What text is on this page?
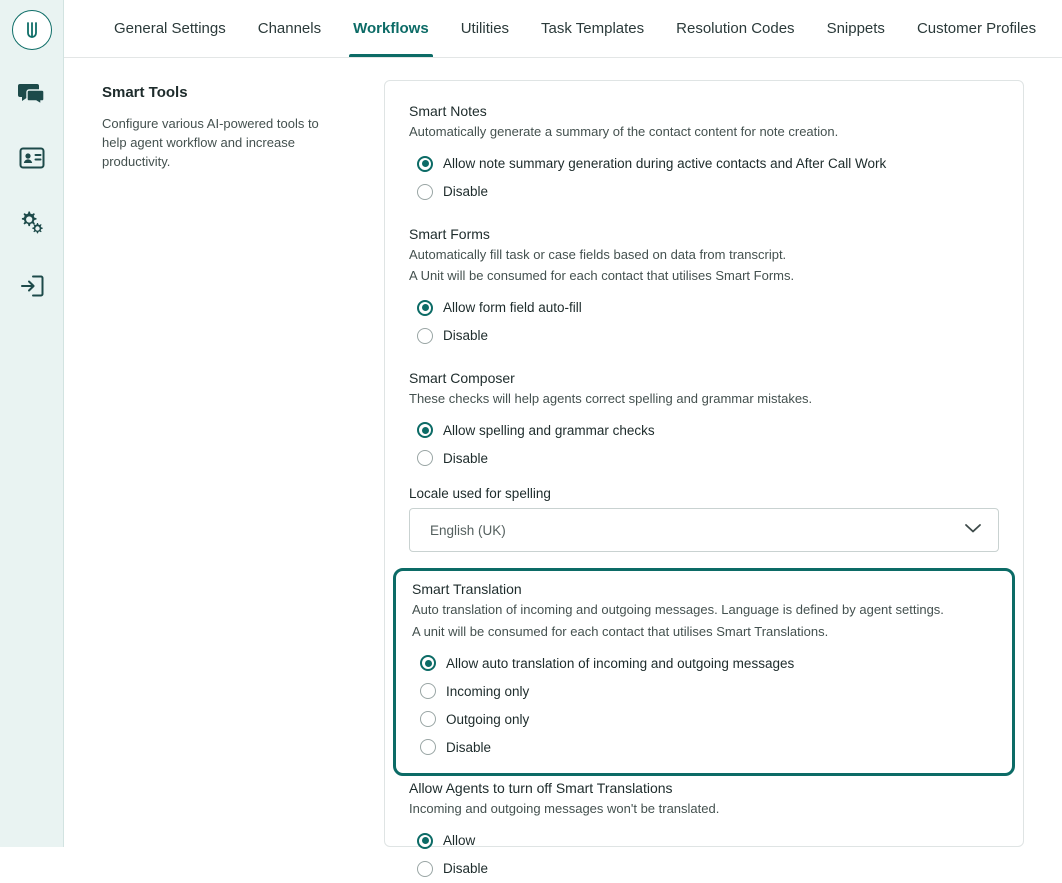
General Settings	Channels	Workflows	Utilities	Task Templates	Resolution Codes	Snippets	Customer Profiles
Smart Tools

Configure various AI-powered tools to help agent workflow and increase productivity.

Smart Notes

Automatically generate a summary of the contact content for note creation.

Allow note summary generation during active contacts and After Call Work
Disable

Smart Forms

Automatically fill task or case fields based on data from transcript.

A Unit will be consumed for each contact that utilises Smart Forms.

Allow form field auto-fill
Disable

Smart Composer

These checks will help agents correct spelling and grammar mistakes.

Allow spelling and grammar checks
Disable

Locale used for spelling

English (UK)

Smart Translation

Auto translation of incoming and outgoing messages. Language is defined by agent settings.

A unit will be consumed for each contact that utilises Smart Translations.

Allow auto translation of incoming and outgoing messages
Incoming only
Outgoing only
Disable

Allow Agents to turn off Smart Translations

Incoming and outgoing messages won't be translated.

Allow
Disable
